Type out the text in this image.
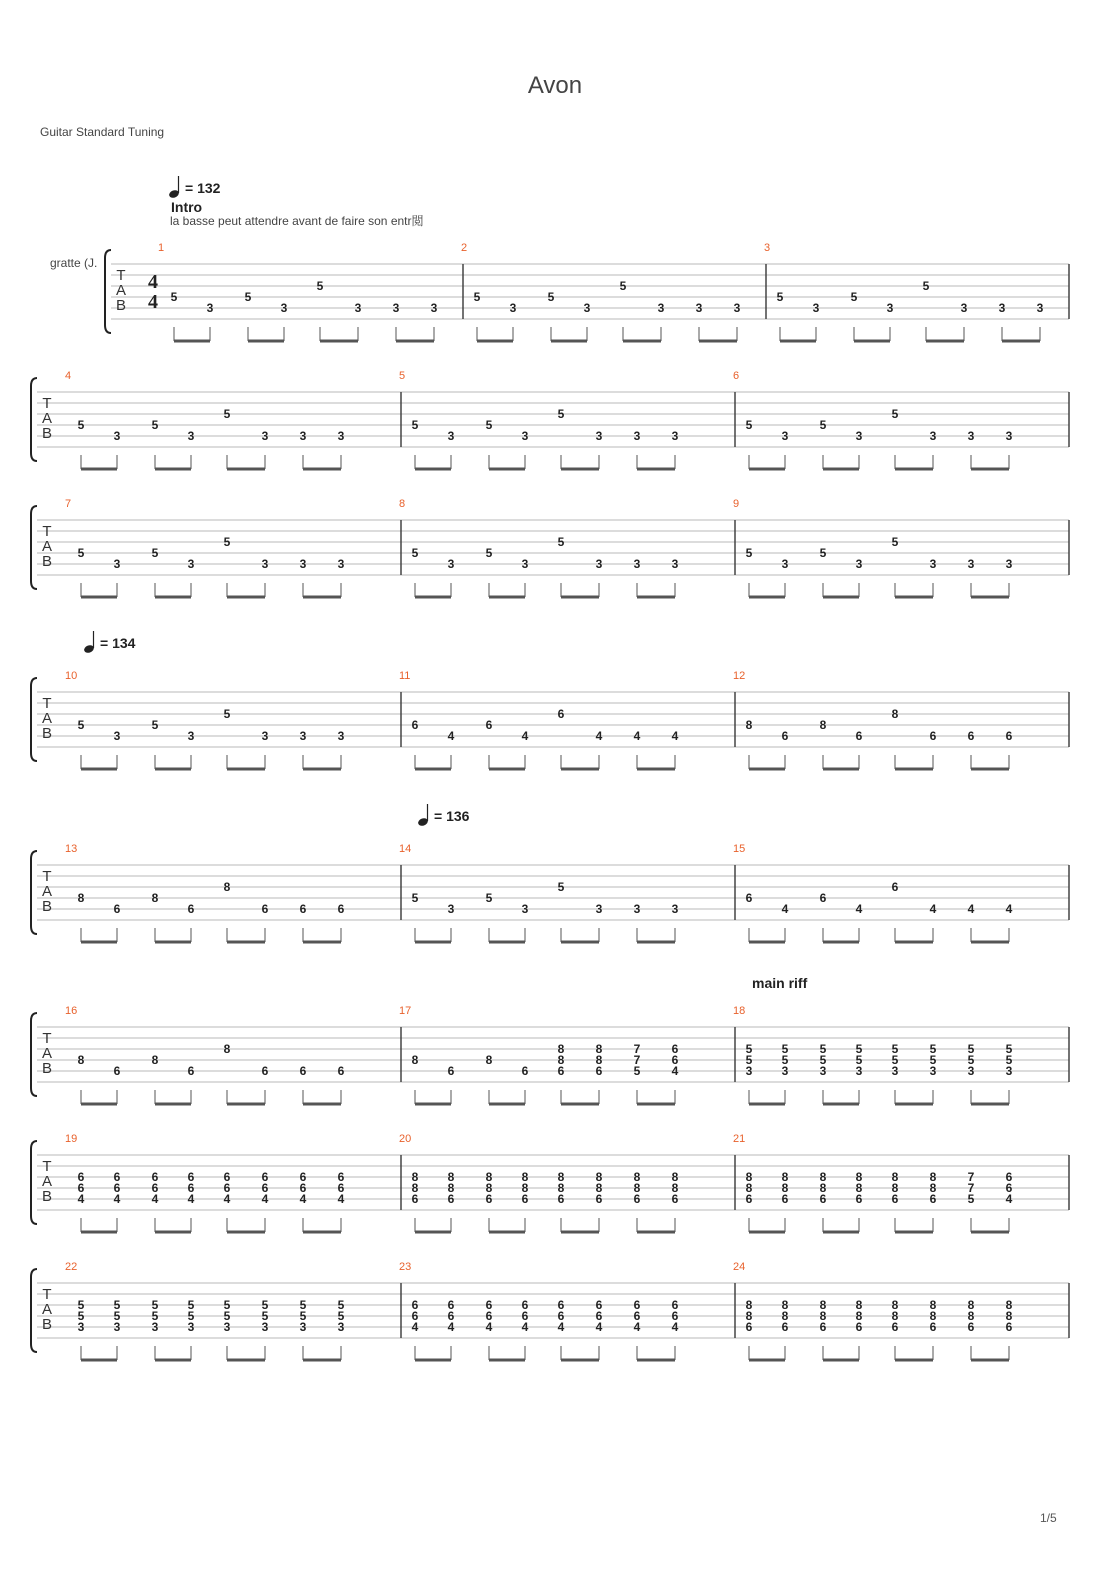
Avon
Guitar Standard Tuning
T
A
B
gratte (J.
4
4
1
5
3
5
3
5
3	3	3
2
5
3
5
3
5
3	3	3
3
5
3
5
3
5
3	3	3
= 132
Intro
la basse peut attendre avant de faire son entr閲
T
A
B
4
5
3
5
3
5
3	3	3
5
5
3
5
3
5
3	3	3
6
5
3
5
3
5
3	3	3
T
A
B
7
5
3
5
3
5
3	3	3
8
5
3
5
3
5
3	3	3
9
5
3
5
3
5
3	3	3
T
A
B
10
5
3
5
3
5
3	3	3
11
6
4
6
4
6
4	4	4
12
8
6
8
6
8
6	6	6
= 134
T
A
B
13
8
6
8
6
8
6	6	6
14
5
3
5
3
5
3	3	3
15
6
4
6
4
6
4	4	4
= 136
T
A
B
16
8
6
8
6
8
6	6	6
17
8
6
8
6
8
8
6
8
8
6
7
7
5
6
6
4
18
5
5
3
5
5
3
5
5
3
5
5
3
5
5
3
5
5
3
5
5
3
5
5
3
main riff
T
A
B
19
6
6
4
6
6
4
6
6
4
6
6
4
6
6
4
6
6
4
6
6
4
6
6
4
20
8
8
6
8
8
6
8
8
6
8
8
6
8
8
6
8
8
6
8
8
6
8
8
6
21
8
8
6
8
8
6
8
8
6
8
8
6
8
8
6
8
8
6
7
7
5
6
6
4
T
A
B
22
5
5
3
5
5
3
5
5
3
5
5
3
5
5
3
5
5
3
5
5
3
5
5
3
23
6
6
4
6
6
4
6
6
4
6
6
4
6
6
4
6
6
4
6
6
4
6
6
4
24
8
8
6
8
8
6
8
8
6
8
8
6
8
8
6
8
8
6
8
8
6
8
8
6
1/5
